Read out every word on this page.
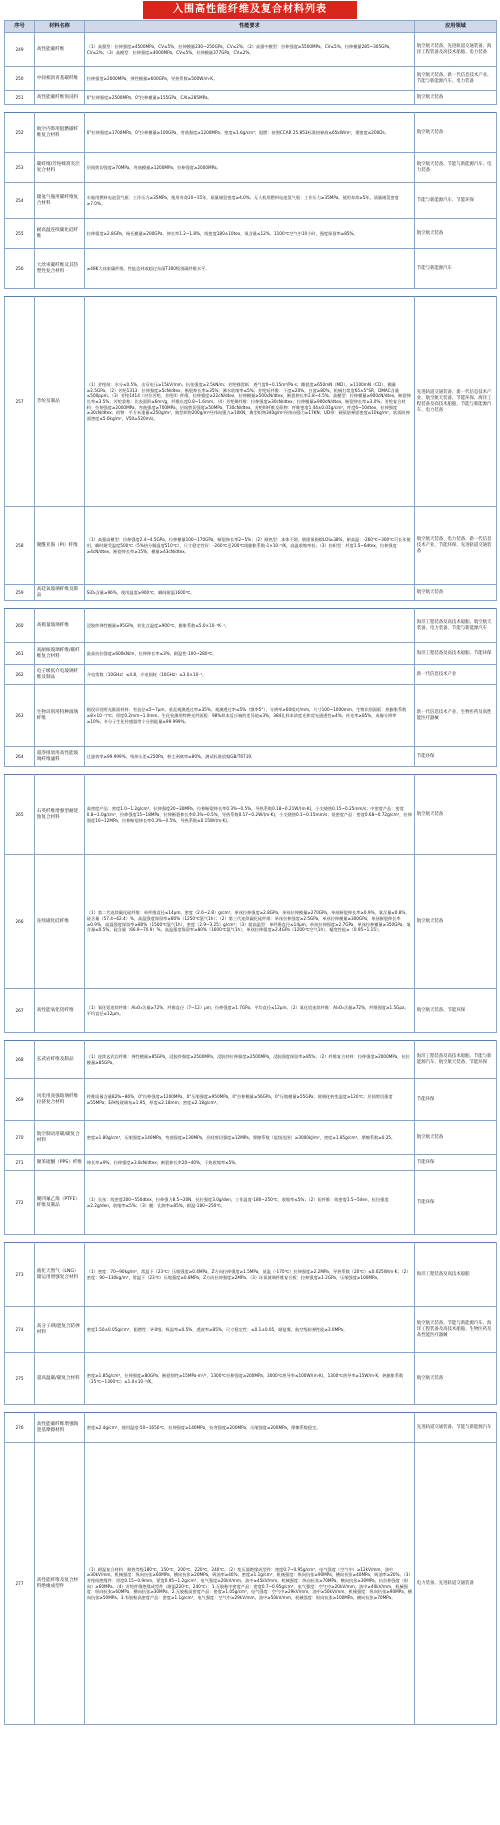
入围高性能纤维及复合材料列表
序号	材料名称	性能要求	应用领域
249	高性能碳纤维	（1）高强型：拉伸强度≥4500MPa，CV≤5%，拉伸模量230~250GPa，CV≤2%；（2）高强中模型：拉伸强度≥5500MPa，CV≤5%，拉伸模量285~305GPa，CV≤2%；（3）高模型：拉伸强度≥4000MPa，CV≤5%，拉伸模量377GPa，CV≤2%。	航空航天装备、先进轨道交通装备、海洋工程装备及高技术船舶、电力装备
250	中间相沥青基碳纤维	拉伸强度≥2000MPa，弹性模量≥600GPa，导热系数≥500W/m·K。	航空航天装备、新一代信息技术产业、节能与新能源汽车、电力装备
251	高性能碳纤维预浸料	0°拉伸强度≥2500MPa，0°拉伸模量≥155GPa，CAI≥285MPa。	航空航天装备

252	航空内饰用阻燃碳纤维复合材料	0°拉伸强度≥1700MPa，0°拉伸模量≥100GPa，弯曲强度≥1200MPa；密度≤1.6g/cm³；阻燃：按照CCAR 25.853标准热释放≤65kW/m²，烟密度≤200Ds。	航空航天装备
253	碳纤维/芳纶蜂窝夹层复合材料	层间剪切强度≥70MPa，弯曲模量≥1200MPa，拉伸强度≥2000MPa。	航空航天装备、节能与新能源汽车、电力装备
254	储氢气瓶用碳纤维复合材料	车船用燃料电池氢气瓶：工作压力≥35MPa，使用寿命10~15年，质量储氢密度≥4.0%；无人机用燃料电池氢气瓶：工作压力≥35MPa，使用寿命≥5年，质量储氢密度≥7.0%。	节能与新能源汽车、节能环保
255	耐高温连续碳化硅纤维	拉伸强度≥2.8GPa，杨氏模量≥200GPa，伸长率1.2~1.8%，线密度180±10tex，氧含量≤12%，1100℃空气中10小时，强度保留率≥85%。	航空航天装备
256	大丝束碳纤维及其热塑性复合材料	≥48K大丝束碳纤维，性能达到或超过东丽T300级别碳纤维水平。	节能与新能源汽车

257	芳纶及制品	（1）芳纶纸：水分≤0.5%，击穿电压≥15kV/mm，抗张强度≥2.5kN/m；芳纶蜂窝纸：透气度0~0.15m³/Pa·s；撕裂度≥650mN（MD），≥1100mN（CD），模量≥2.5GPa。（2）芳纶1313：拉伸强度≥5cN/dtex，断裂伸长率≥35%，沸水收缩率≤5%；芳纶短纤维：干度≤20%，白度≥80%，机械打浆度65±5°SR，DMAC含量≤500ppm。（3）芳纶1414（对位芳纶、芳纶II）纤维，拉伸强度≥22cN/dtex，拉伸模量≥500cN/dtex，断裂伸长率2.8~4.5%；高模型：拉伸模量≥900cN/dtex，断裂伸长率≤3.5%；芳纶浆粕：比表面积≥6m²/g，纤维长度0.8~1.6mm。（4）芳纶III纤维：拉伸强度≥30cN/dtex，拉伸模量≥900cN/dtex，断裂伸长率≥3.0%；芳纶复合材料：拉伸强度≥2000MPa，弯曲强度≥700MPa，层间剪切强度≥50MPa，T30cN/dtex。芳纶III纤维及织物：纤维密度1.44±0.01g/cm³，纤度6~10dtex，拉伸强度≥30cN/dtex；织物：平方米重量≤250g/m²，典型织物200g/m²经纬向强力≥10KN，典型织物340g/m²经纬向强力≥17KN；UD带：硬质防弹面密度≤10kg/m²，软质防弹面密度≤5.0kg/m²，V50≥520m/s。	先进轨道交通装备、新一代信息技术产业、航空航天装备、节能环保、海洋工程装备及高技术船舶、节能与新能源汽车、电力装备
258	聚酰亚胺（PI）纤维	（1）高强高模型：拉伸强度2.4~4.5GPa，拉伸模量100~170GPa，断裂伸长率2~5%；（2）耐热型：本体不熔，极限氧指数LOI≥38%，耐高温：-260℃~300℃可长年使用，瞬时耐受温度500℃（5%热分解温度510℃），尺寸稳定性好：-260℃至200℃线膨胀系数-1×10⁻⁶/K，高温收缩率低；（3）纺织型：纤度1.5~6dtex，拉伸强度≥4cN/dtex，断裂伸长率≥15%，模量≥43cN/dtex。	航空航天装备、电力装备、新一代信息技术产业、节能环保、先进轨道交通装备
259	高硅氧玻璃纤维及制品	SiO₂含量≥96%，使用温度≥900℃，瞬间耐温1600℃。	航空航天装备

260	高模量玻璃纤维	浸胶纱弹性模量≥95GPa，软化点温度≥900℃，膨胀系数≤5.0×10⁻⁶K⁻¹。	海洋工程装备及高技术船舶、航空航天装备、电力装备、节能与新能源汽车
261	高耐候玻璃纤维/碳纤维复合材料	最高抗拉强度≥600kN/m，拉伸伸长率≤3%，耐温性-100~280℃。	海洋工程装备及高技术船舶、节能环保
262	电子级低介电玻璃纤维及制品	介电常数（10GHz）≤4.8，介电损耗（10GHz）≤3.0×10⁻³。	新一代信息技术产业
263	生物识别用特种玻璃纤维	指纹识别用光锥面材料：有直径≤5~7μm，垂直观测透过率≥35%，观测透过率≤5%（频率5°），分辨率≥60线对/mm，尺寸100~1000mm。生物识别面板：热膨胀系数≥8×10⁻⁷/℃；厚度0.2mm~1.0mm。生化检测用特种光纤面板：98%样本反应端的差异值≤3%，384孔样本浓度光和荧光通透性≥4%，传光率≥85%，成像分辨率≥10%，多分子生化传感器等个分别能量≥99.999%。	新一代信息技术产业、生物医药及高性能医疗器械
264	超净排放用高性能玻璃纤维滤料	过滤效率≥99.999%，残余压差≤250Pa，粉尘剥离率≥80%，测试标准依据GB/T6719。	节能环保

265	石英纤维增强型耐烧蚀复合材料	高密度产品：密度1.0~1.2g/cm³，拉伸强度20~30MPa，拉伸断裂伸长率0.3%~0.5%，导热系数0.18~0.21W/(m·K)，小尖烧蚀0.15~0.25mm/s；中密度产品：密度0.8~1.0g/cm³，拉伸强度15~18MPa，拉伸断裂伸长率0.3%~0.5%，导热系数0.17~0.2W/(m·K)，小尖烧蚀0.1~0.15mm/s；低密度产品：密度0.68~0.72g/cm³，拉伸强度10~12MPa，拉伸断裂伸长率0.3%~0.5%，导热系数≤0.15W/(m·K)。	航空航天装备
266	连续碳化硅纤维	（1）第二代连续碳化硅纤维：单纤维直径≤14μm，密度（2.6~2.8）g/cm³，单丝拉伸强度≥2.8GPa，单丝拉伸模量≥270GPa，单丝断裂伸长率≥0.9%，氧含量≤0.8%，硅含量（57.4~62.4）%，高温强度保留率≥80%（1250℃氩气1h）；（2）第三代连续碳化硅纤维：单丝拉伸强度≥2.5GPa，单丝拉伸模量≥300GPa，单丝断裂伸长率≥0.9%，高温强度保留率≥80%（1500℃氩气1h），密度（2.9~3.25）g/cm³；（3）超高温型：单纤维直径≤14μm，单丝拉伸强度≥2.7GPa，单丝拉伸模量≥350GPa，氧含量≤0.5%，硅含量（66.9~70.9）%，高温强度保留率≥80%（1600℃氩气1h），单丝拉伸强度≥2.4GPa（1200℃空气1h），蠕变性能≥（0.95~1.15）。	航空航天装备
267	高性能氧化铝纤维	（1）氧化铝连续纤维：Al₂O₃含量≥72%，纤维直径（7~12）μm，拉伸强度≥1.7GPa，平均直径≤12μm。（2）氧化铝连续纤维：Al₂O₃含量≥72%，纤维强度≥1.5Gpa，平均直径≤12μm。	航空航天装备、节能环保

268	玄武岩纤维及制品	（1）连续玄武岩纤维：弹性模量≥85GPa，浸胶纱强度≥2500MPa，浸胶纱拉伸强度≥2500MPa，浸胶强度保留率≥85%；（2）纤维复合材料：拉伸强度≥2000MPa，抗拉模量≥85GPa。	海洋工程装备及高技术船舶、节能与新能源汽车、航空航天装备、节能环保
269	风电用高强玻璃纤维拉挤复合材料	纤维质量含量82%~86%，0°拉伸强度≥1200MPa，0°压缩强度≥950MPa，0°拉伸模量≥56GPa，0°压缩模量≥55GPa；玻璃化转变温度≥120℃；层间剪切强度≥55MPa；E/H级玻璃布≥1.95，厚度≤2.18mm，密度≤2.18g/cm³。	节能环保
270	航空制动用碳/碳复合材料	密度≥1.80g/cm³，压缩强度≥140MPa，弯曲强度≥130MPa，层间剪切强度≥12MPa，摩擦系数（能级范围）≥3000kJ/m²，密度≥1.85g/cm³，摩擦系数≥0.25。	航空航天装备
271	聚苯硫醚（PPS）纤维	伸长率≥9%，拉伸强度≥3.8cN/dtex，断裂伸长率20~40%，干热收缩率≤5%。	节能环保
272	聚四氟乙烯（PTFE）纤维及制品	（1）长丝：线密度200~550dtex，拉伸强力8.5~20N，抗拉强度3.0g/den，工作温度-180~250℃，收缩率≤5%；（2）短纤维：线密度1.5~5den，抗拉强度≥2.2g/den，收缩率≤5%；（3）膜：孔隙率≥85%，耐温-180~250℃。	节能环保

273	液化天然气（LNG）储运用增强复合材料	（1）密度：70~90kg/m³，常温下（23℃）压缩强度≥0.4MPa，Z方向拉伸强度≥1.5MPa，低温（-170℃）拉伸强度≥2.2MPa，导热系数（20℃）≤0.025W/m·K；（2）密度：90~130kg/m³，常温下（23℃）压缩强度≥0.8MPa，Z方向拉伸强度≥2MPa；（3）环氧玻璃纤维复合板：拉伸强度≥1.2GPa，压缩强度≥100MPa。	海洋工程装备及高技术船舶
274	高分子/陶瓷复合防弹材料	密度1.50±0.05g/cm³，阻燃性：V-0级，吸湿率≤0.5%，透波率≥85%，尺寸稳定性：≤0.1±0.05，耐盐雾，航空级防弹性能≥3.0MPa。	航空航天装备、节能与新能源汽车、海洋工程装备及高技术船舶、生物医药及高性能医疗器械
275	超高温碳/碳复合材料	密度≥1.85g/cm³，拉伸强度≥80GPa，断裂韧性≥15MPa·m¹/²，1300℃拉伸强度≥200MPa，3000℃热导率≤100W/(m·K)，1300℃热导率≥15W/m·K，热膨胀系数（25℃~1300℃）≤1.0×10⁻⁶/K。	航空航天装备

276	高性能碳纤维增强陶瓷基摩擦材料	密度≤2.4g/cm³，使用温度-50~1650℃，拉伸强度≥140MPa，抗弯强度≥200MPa，压缩强度≥200MPa，摩擦系数稳定。	先进轨道交通装备、节能与新能源汽车
277	高性能纤维及复合材料绝缘成型件	（1）耐温复合材料：耐热等级180℃，150℃，200℃，220℃，240℃。（2）变压器绝缘成型件：密度0.7~0.95g/cm³，电气强度（空气中）≥12kV/mm，油中≥30kV/mm，机械强度：纵向抗张≥60MPa，横向抗张≥20MPa，吸油率≥40%；密度≥1.1g/cm³，机械强度：纵向抗张≥90MPa，横向抗张≥40MPa，吸油率≥20%。（3）芳纶纸绝缘件：厚度0.15~0.9mm，紧度0.95~1.2g/cm³，电气强度≥20kV/mm，油中≥45kV/mm，机械强度：纵向抗张≥70MPa，横向抗张≥30MPa，抗拉伸强度（纵向）≥60MPa。（4）芳纶纤维绝缘成型件（耐温220℃，240℃）：1.无胶粘中密度产品：密度0.7~0.95g/cm³，电气强度：空气中≥20kV/mm，油中≥40kV/mm，机械强度：纵向抗张≥60MPa，横向抗张≥30MPa。2.无胶粘高密度产品：密度≥1.05g/cm³，电气强度：空气中≥29kV/mm，油中≥50kV/mm，机械强度：纵向抗张≥90MPa，横向抗张≥50MPa。3.有胶粘高密度产品：密度≥1.1g/cm³，电气强度：空气中≥29kV/mm，油中≥50kV/mm，机械强度：纵向抗张≥100MPa，横向抗张≥70MPa。	电力装备、先进轨道交通装备
